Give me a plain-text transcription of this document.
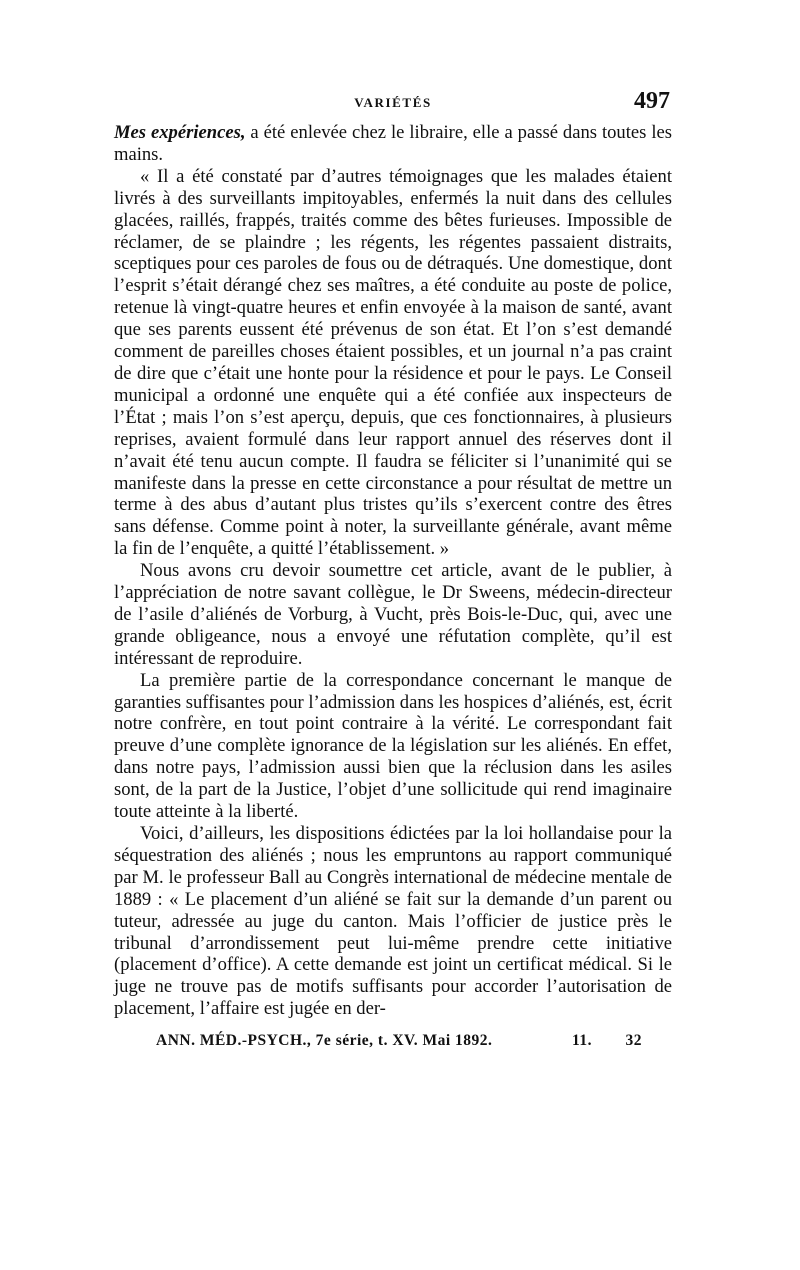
VARIÉTÉS	497

Mes expériences, a été enlevée chez le libraire, elle a passé dans toutes les mains.

« Il a été constaté par d’autres témoignages que les malades étaient livrés à des surveillants impitoyables, enfermés la nuit dans des cellules glacées, raillés, frappés, traités comme des bêtes furieuses. Impossible de réclamer, de se plaindre ; les régents, les régentes passaient distraits, sceptiques pour ces paroles de fous ou de détraqués. Une domestique, dont l’esprit s’était dérangé chez ses maîtres, a été conduite au poste de police, retenue là vingt-quatre heures et enfin envoyée à la maison de santé, avant que ses parents eussent été prévenus de son état. Et l’on s’est demandé comment de pareilles choses étaient possibles, et un journal n’a pas craint de dire que c’était une honte pour la résidence et pour le pays. Le Conseil municipal a ordonné une enquête qui a été confiée aux inspecteurs de l’État ; mais l’on s’est aperçu, depuis, que ces fonctionnaires, à plusieurs reprises, avaient formulé dans leur rapport annuel des réserves dont il n’avait été tenu aucun compte. Il faudra se féliciter si l’unanimité qui se manifeste dans la presse en cette circonstance a pour résultat de mettre un terme à des abus d’autant plus tristes qu’ils s’exercent contre des êtres sans défense. Comme point à noter, la surveillante générale, avant même la fin de l’enquête, a quitté l’établissement. »

Nous avons cru devoir soumettre cet article, avant de le publier, à l’appréciation de notre savant collègue, le Dr Sweens, médecin-directeur de l’asile d’aliénés de Vorburg, à Vucht, près Bois-le-Duc, qui, avec une grande obligeance, nous a envoyé une réfutation complète, qu’il est intéressant de reproduire.

La première partie de la correspondance concernant le manque de garanties suffisantes pour l’admission dans les hospices d’aliénés, est, écrit notre confrère, en tout point contraire à la vérité. Le correspondant fait preuve d’une complète ignorance de la législation sur les aliénés. En effet, dans notre pays, l’admission aussi bien que la réclusion dans les asiles sont, de la part de la Justice, l’objet d’une sollicitude qui rend imaginaire toute atteinte à la liberté.

Voici, d’ailleurs, les dispositions édictées par la loi hollandaise pour la séquestration des aliénés ; nous les empruntons au rapport communiqué par M. le professeur Ball au Congrès international de médecine mentale de 1889 : « Le placement d’un aliéné se fait sur la demande d’un parent ou tuteur, adressée au juge du canton. Mais l’officier de justice près le tribunal d’arrondissement peut lui-même prendre cette initiative (placement d’office). A cette demande est joint un certificat médical. Si le juge ne trouve pas de motifs suffisants pour accorder l’autorisation de placement, l’affaire est jugée en der-

ANN. MÉD.-PSYCH., 7e série, t. XV. Mai 1892.	11. 32
